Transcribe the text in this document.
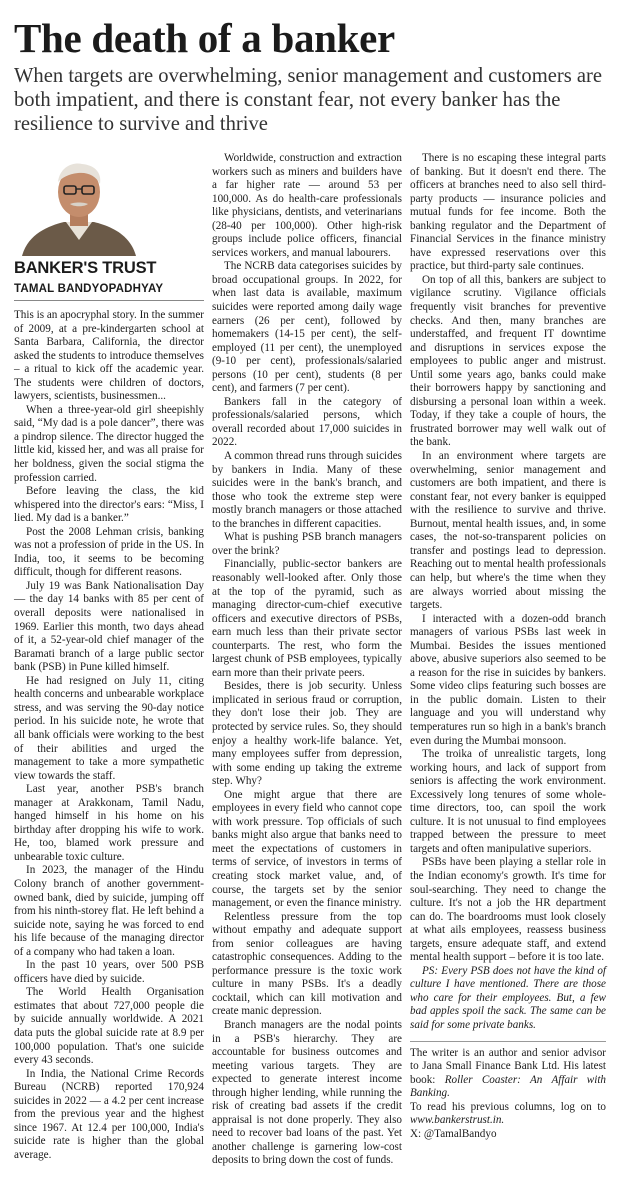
The death of a banker

When targets are overwhelming, senior management and customers are both impatient, and there is constant fear, not every banker has the resilience to survive and thrive

BANKER'S TRUST
TAMAL BANDYOPADHYAY

This is an apocryphal story. In the summer of 2009, at a pre-kindergarten school at Santa Barbara, California, the director asked the students to introduce themselves – a ritual to kick off the academic year. The students were children of doctors, lawyers, scientists, businessmen...

When a three-year-old girl sheepishly said, “My dad is a pole dancer”, there was a pindrop silence. The director hugged the little kid, kissed her, and was all praise for her boldness, given the social stigma the profession carried.

Before leaving the class, the kid whispered into the director's ears: “Miss, I lied. My dad is a banker.”

Post the 2008 Lehman crisis, banking was not a profession of pride in the US. In India, too, it seems to be becoming difficult, though for different reasons.

July 19 was Bank Nationalisation Day — the day 14 banks with 85 per cent of overall deposits were nationalised in 1969. Earlier this month, two days ahead of it, a 52-year-old chief manager of the Baramati branch of a large public sector bank (PSB) in Pune killed himself.

He had resigned on July 11, citing health concerns and unbearable workplace stress, and was serving the 90-day notice period. In his suicide note, he wrote that all bank officials were working to the best of their abilities and urged the management to take a more sympathetic view towards the staff.

Last year, another PSB's branch manager at Arakkonam, Tamil Nadu, hanged himself in his home on his birthday after dropping his wife to work. He, too, blamed work pressure and unbearable toxic culture.

In 2023, the manager of the Hindu Colony branch of another government-owned bank, died by suicide, jumping off from his ninth-storey flat. He left behind a suicide note, saying he was forced to end his life because of the managing director of a company who had taken a loan.

In the past 10 years, over 500 PSB officers have died by suicide.

The World Health Organisation estimates that about 727,000 people die by suicide annually worldwide. A 2021 data puts the global suicide rate at 8.9 per 100,000 population. That's one suicide every 43 seconds.

In India, the National Crime Records Bureau (NCRB) reported 170,924 suicides in 2022 — a 4.2 per cent increase from the previous year and the highest since 1967. At 12.4 per 100,000, India's suicide rate is higher than the global average.

Worldwide, construction and extraction workers such as miners and builders have a far higher rate — around 53 per 100,000. As do health-care professionals like physicians, dentists, and veterinarians (28-40 per 100,000). Other high-risk groups include police officers, financial services workers, and manual labourers.

The NCRB data categorises suicides by broad occupational groups. In 2022, for when last data is available, maximum suicides were reported among daily wage earners (26 per cent), followed by homemakers (14-15 per cent), the self-employed (11 per cent), the unemployed (9-10 per cent), professionals/salaried persons (10 per cent), students (8 per cent), and farmers (7 per cent).

Bankers fall in the category of professionals/salaried persons, which overall recorded about 17,000 suicides in 2022.

A common thread runs through suicides by bankers in India. Many of these suicides were in the bank's branch, and those who took the extreme step were mostly branch managers or those attached to the branches in different capacities.

What is pushing PSB branch managers over the brink?

Financially, public-sector bankers are reasonably well-looked after. Only those at the top of the pyramid, such as managing director-cum-chief executive officers and executive directors of PSBs, earn much less than their private sector counterparts. The rest, who form the largest chunk of PSB employees, typically earn more than their private peers.

Besides, there is job security. Unless implicated in serious fraud or corruption, they don't lose their job. They are protected by service rules. So, they should enjoy a healthy work-life balance. Yet, many employees suffer from depression, with some ending up taking the extreme step. Why?

One might argue that there are employees in every field who cannot cope with work pressure. Top officials of such banks might also argue that banks need to meet the expectations of customers in terms of service, of investors in terms of creating stock market value, and, of course, the targets set by the senior management, or even the finance ministry.

Relentless pressure from the top without empathy and adequate support from senior colleagues are having catastrophic consequences. Adding to the performance pressure is the toxic work culture in many PSBs. It's a deadly cocktail, which can kill motivation and create manic depression.

Branch managers are the nodal points in a PSB's hierarchy. They are accountable for business outcomes and meeting various targets. They are expected to generate interest income through higher lending, while running the risk of creating bad assets if the credit appraisal is not done properly. They also need to recover bad loans of the past. Yet another challenge is garnering low-cost deposits to bring down the cost of funds.

There is no escaping these integral parts of banking. But it doesn't end there. The officers at branches need to also sell third-party products — insurance policies and mutual funds for fee income. Both the banking regulator and the Department of Financial Services in the finance ministry have expressed reservations over this practice, but third-party sale continues.

On top of all this, bankers are subject to vigilance scrutiny. Vigilance officials frequently visit branches for preventive checks. And then, many branches are understaffed, and frequent IT downtime and disruptions in services expose the employees to public anger and mistrust. Until some years ago, banks could make their borrowers happy by sanctioning and disbursing a personal loan within a week. Today, if they take a couple of hours, the frustrated borrower may well walk out of the bank.

In an environment where targets are overwhelming, senior management and customers are both impatient, and there is constant fear, not every banker is equipped with the resilience to survive and thrive. Burnout, mental health issues, and, in some cases, the not-so-transparent policies on transfer and postings lead to depression. Reaching out to mental health professionals can help, but where's the time when they are always worried about missing the targets.

I interacted with a dozen-odd branch managers of various PSBs last week in Mumbai. Besides the issues mentioned above, abusive superiors also seemed to be a reason for the rise in suicides by bankers. Some video clips featuring such bosses are in the public domain. Listen to their language and you will understand why temperatures run so high in a bank's branch even during the Mumbai monsoon.

The troika of unrealistic targets, long working hours, and lack of support from seniors is affecting the work environment. Excessively long tenures of some whole-time directors, too, can spoil the work culture. It is not unusual to find employees trapped between the pressure to meet targets and often manipulative superiors.

PSBs have been playing a stellar role in the Indian economy's growth. It's time for soul-searching. They need to change the culture. It's not a job the HR department can do. The boardrooms must look closely at what ails employees, reassess business targets, ensure adequate staff, and extend mental health support – before it is too late.

PS: Every PSB does not have the kind of culture I have mentioned. There are those who care for their employees. But, a few bad apples spoil the sack. The same can be said for some private banks.

The writer is an author and senior advisor to Jana Small Finance Bank Ltd. His latest book: Roller Coaster: An Affair with Banking.

To read his previous columns, log on to www.bankerstrust.in.

X: @TamalBandyo
